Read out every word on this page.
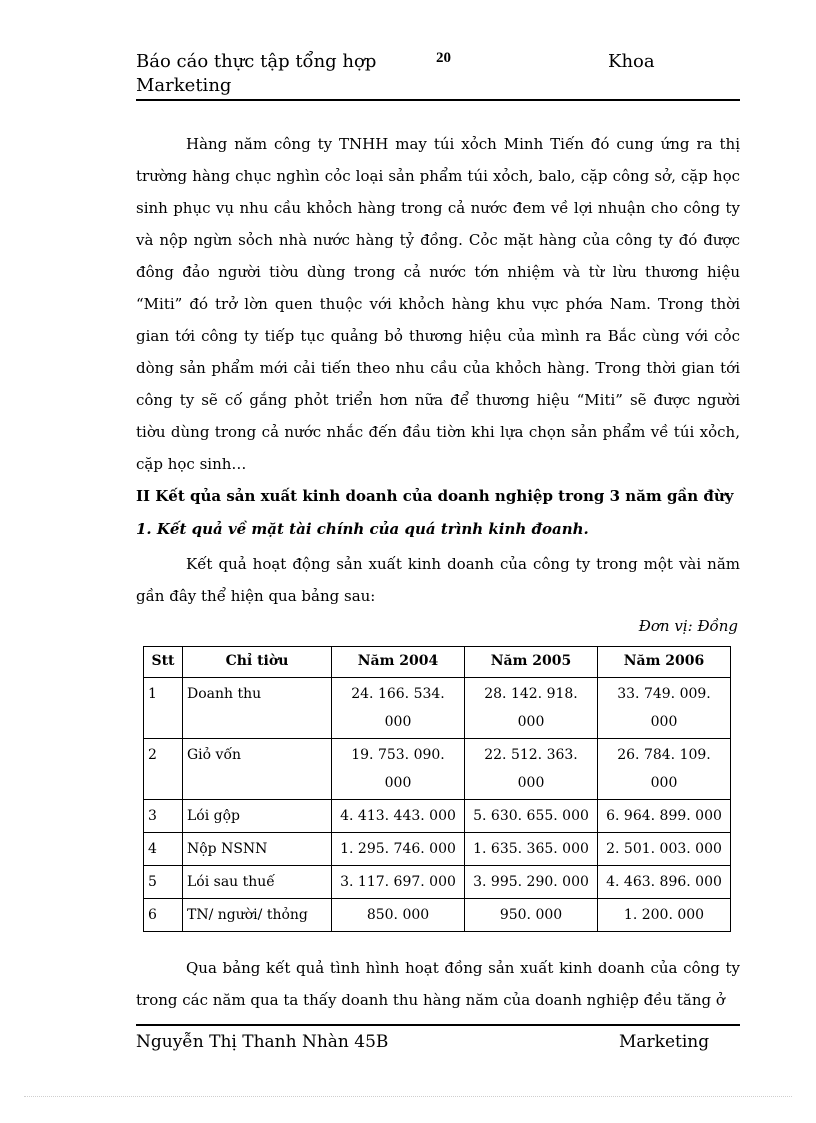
Báo cáo thực tập tổng hợp Marketing
20	Khoa
Hàng năm công ty TNHH may túi xỏch Minh Tiến đó cung ứng ra thị trường hàng chục nghìn cỏc loại sản phẩm túi xỏch, balo, cặp công sở, cặp học sinh phục vụ nhu cầu khỏch hàng trong cả nước đem về lợi nhuận cho công ty và nộp ngừn sỏch nhà nước hàng tỷ đồng. Cỏc mặt hàng của công ty đó được đông đảo người tiờu dùng trong cả nước tớn nhiệm và từ lừu thương hiệu “Miti” đó trở lờn quen thuộc với khỏch hàng khu vực phớa Nam. Trong thời gian tới công ty tiếp tục quảng bỏ thương hiệu của mình ra Bắc cùng với cỏc dòng sản phẩm mới cải tiến theo nhu cầu của khỏch hàng. Trong thời gian tới công ty sẽ cố gắng phỏt triển hơn nữa để thương hiệu “Miti” sẽ được người tiờu dùng trong cả nước nhắc đến đầu tiờn khi lựa chọn sản phẩm về túi xỏch, cặp học sinh…
II Kết qủa sản xuất kinh doanh của doanh nghiệp trong 3 năm gần đừy
1. Kết quả về mặt tài chính của quá trình kinh đoanh.
Kết quả hoạt động sản xuất kinh doanh của công ty trong một vài năm gần đây thể hiện qua bảng sau:
Đơn vị: Đồng
Stt	Chỉ tiờu	Năm 2004	Năm 2005	Năm 2006
1	Doanh thu	24. 166. 534. 000	28. 142. 918. 000	33. 749. 009. 000
2	Giỏ vốn	19. 753. 090. 000	22. 512. 363. 000	26. 784. 109. 000
3	Lói gộp	4. 413. 443. 000	5. 630. 655. 000	6. 964. 899. 000
4	Nộp NSNN	1. 295. 746. 000	1. 635. 365. 000	2. 501. 003. 000
5	Lói sau thuế	3. 117. 697. 000	3. 995. 290. 000	4. 463. 896. 000
6	TN/ người/ thỏng	850. 000	950. 000	1. 200. 000
Qua bảng kết quả tình hình hoạt đồng sản xuất kinh doanh của công ty trong các năm qua ta thấy doanh thu hàng năm của doanh nghiệp đều tăng ở
Nguyễn Thị Thanh Nhàn 45B	Marketing
